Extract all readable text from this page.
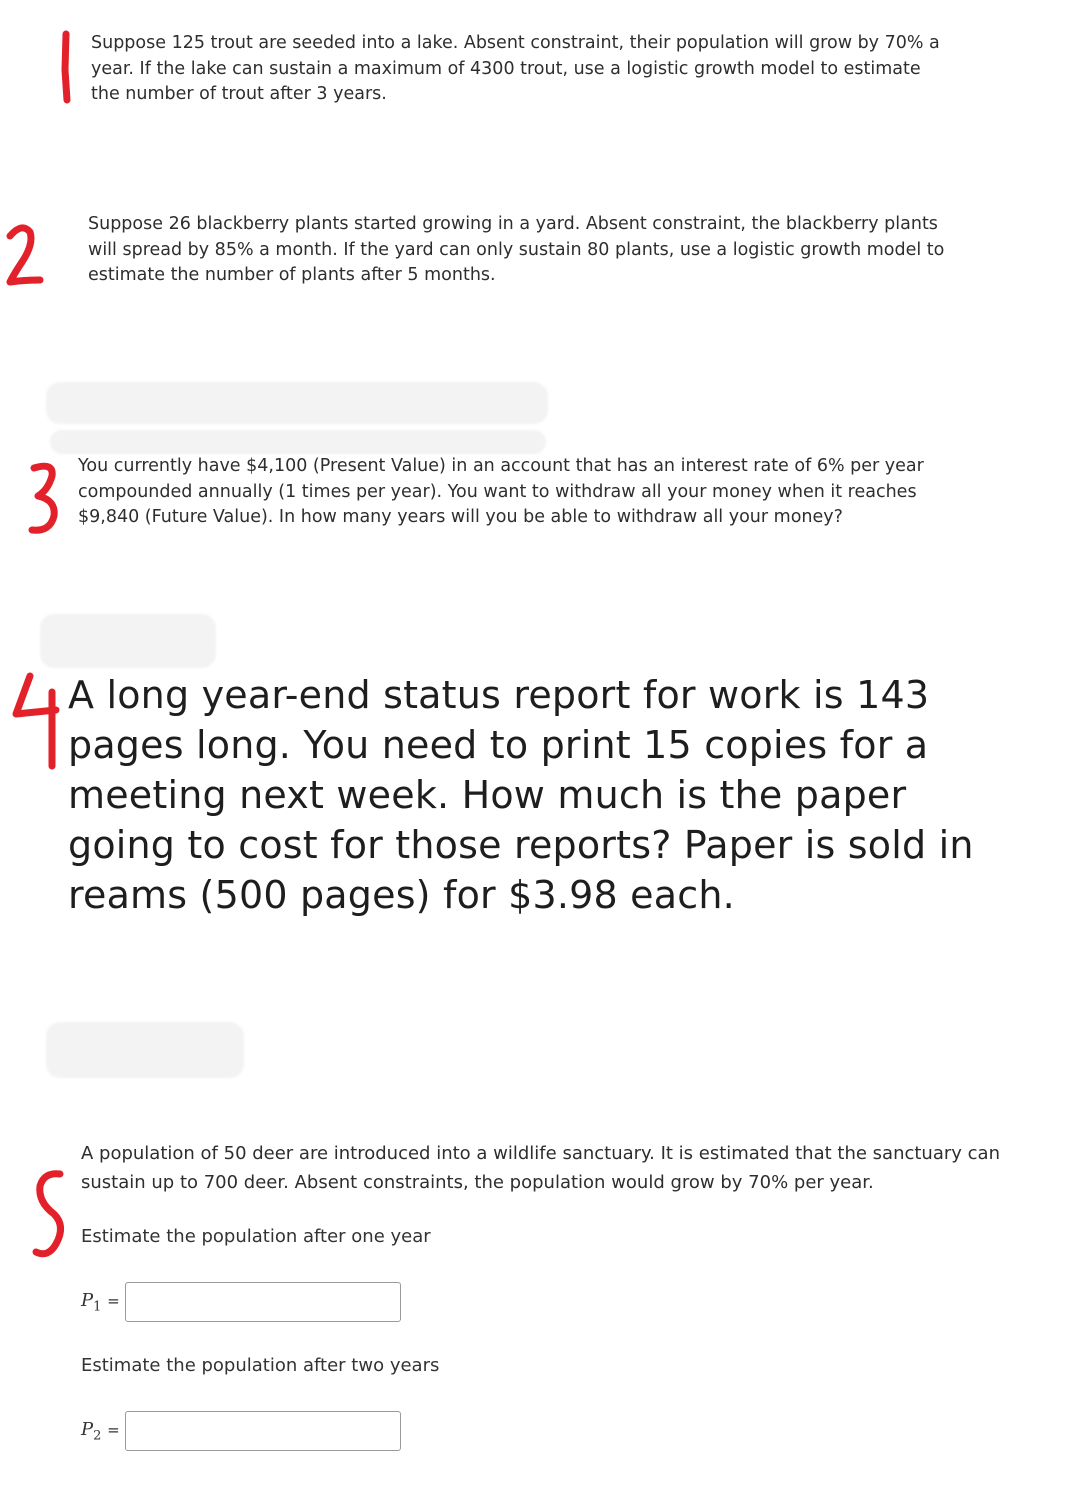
Suppose 125 trout are seeded into a lake. Absent constraint, their population will grow by 70% a year. If the lake can sustain a maximum of 4300 trout, use a logistic growth model to estimate the number of trout after 3 years.

Suppose 26 blackberry plants started growing in a yard. Absent constraint, the blackberry plants will spread by 85% a month. If the yard can only sustain 80 plants, use a logistic growth model to estimate the number of plants after 5 months.

You currently have $4,100 (Present Value) in an account that has an interest rate of 6% per year compounded annually (1 times per year). You want to withdraw all your money when it reaches $9,840 (Future Value). In how many years will you be able to withdraw all your money?

A long year-end status report for work is 143 pages long. You need to print 15 copies for a meeting next week. How much is the paper going to cost for those reports? Paper is sold in reams (500 pages) for $3.98 each.

A population of 50 deer are introduced into a wildlife sanctuary. It is estimated that the sanctuary can sustain up to 700 deer. Absent constraints, the population would grow by 70% per year.

Estimate the population after one year
$P_1$ =
Estimate the population after two years
$P_2$ =
